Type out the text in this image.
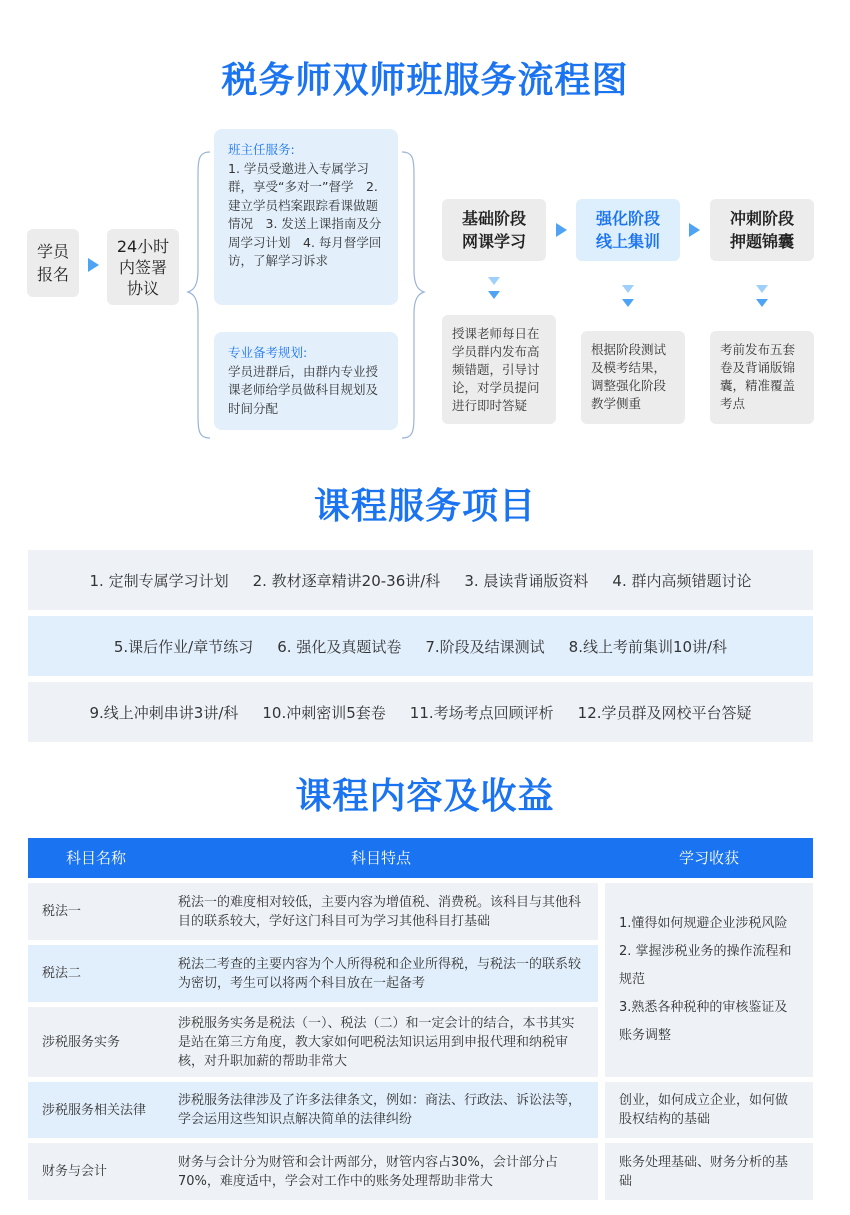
税务师双师班服务流程图
课程服务项目
课程内容及收益
学员
报名
24小时
内签署
协议
班主任服务:
1. 学员受邀进入专属学习群，享受“多对一”督学　2. 建立学员档案跟踪看课做题情况　3. 发送上课指南及分周学习计划　4. 每月督学回访，了解学习诉求
专业备考规划:
学员进群后，由群内专业授课老师给学员做科目规划及时间分配
基础阶段
网课学习
强化阶段
线上集训
冲刺阶段
押题锦囊
授课老师每日在学员群内发布高频错题，引导讨论，对学员提问进行即时答疑
根据阶段测试及模考结果，调整强化阶段教学侧重
考前发布五套卷及背诵版锦囊，精准覆盖考点
1. 定制专属学习计划 2. 教材逐章精讲20-36讲/科 3. 晨读背诵版资料 4. 群内高频错题讨论
5.课后作业/章节练习 6. 强化及真题试卷 7.阶段及结课测试 8.线上考前集训10讲/科
9.线上冲刺串讲3讲/科 10.冲刺密训5套卷 11.考场考点回顾评析 12.学员群及网校平台答疑
科目名称	科目特点	学习收获
税法一
税法一的难度相对较低，主要内容为增值税、消费税。该科目与其他科目的联系较大，学好这门科目可为学习其他科目打基础
税法二
税法二考查的主要内容为个人所得税和企业所得税，与税法一的联系较为密切，考生可以将两个科目放在一起备考
涉税服务实务
涉税服务实务是税法（一）、税法（二）和一定会计的结合，本书其实是站在第三方角度，教大家如何吧税法知识运用到申报代理和纳税审核，对升职加薪的帮助非常大
涉税服务相关法律
涉税服务法律涉及了许多法律条文，例如：商法、行政法、诉讼法等，学会运用这些知识点解决简单的法律纠纷
财务与会计
财务与会计分为财管和会计两部分，财管内容占30%，会计部分占70%，难度适中，学会对工作中的账务处理帮助非常大
1.懂得如何规避企业涉税风险
2. 掌握涉税业务的操作流程和规范
3.熟悉各种税种的审核鉴证及账务调整
创业，如何成立企业，如何做股权结构的基础
账务处理基础、财务分析的基础
